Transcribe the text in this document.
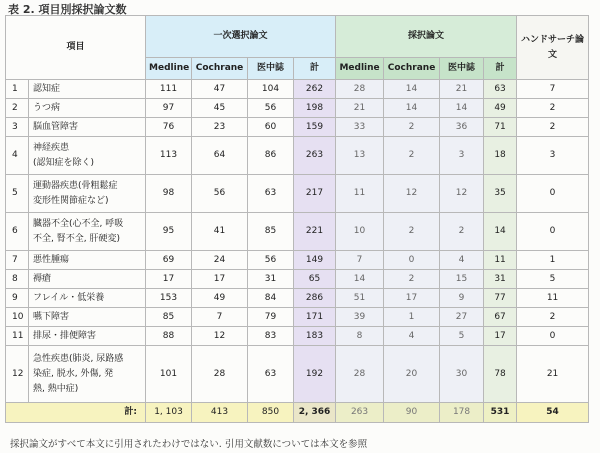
表 2. 項目別採択論文数
項目		一次選択論文				採択論文				ハンドサーチ論文
		Medline	Cochrane	医中誌	計	Medline	Cochrane	医中誌	計	
1	認知症	111	47	104	262	28	14	21	63	7
2	うつ病	97	45	56	198	21	14	14	49	2
3	脳血管障害	76	23	60	159	33	2	36	71	2
4	神経疾患
(認知症を除く)	113	64	86	263	13	2	3	18	3
5	運動器疾患(骨粗鬆症
変形性関節症など)	98	56	63	217	11	12	12	35	0
6	臓器不全(心不全, 呼吸
不全, 腎不全, 肝硬変)	95	41	85	221	10	2	2	14	0
7	悪性腫瘍	69	24	56	149	7	0	4	11	1
8	褥瘡	17	17	31	65	14	2	15	31	5
9	フレイル・低栄養	153	49	84	286	51	17	9	77	11
10	嚥下障害	85	7	79	171	39	1	27	67	2
11	排尿・排便障害	88	12	83	183	8	4	5	17	0
12	急性疾患(肺炎, 尿路感
染症, 脱水, 外傷, 発
熱, 熱中症)	101	28	63	192	28	20	30	78	21
計:		1, 103	413	850	2, 366	263	90	178	531	54
採択論文がすべて本文に引用されたわけではない. 引用文献数については本文を参照
